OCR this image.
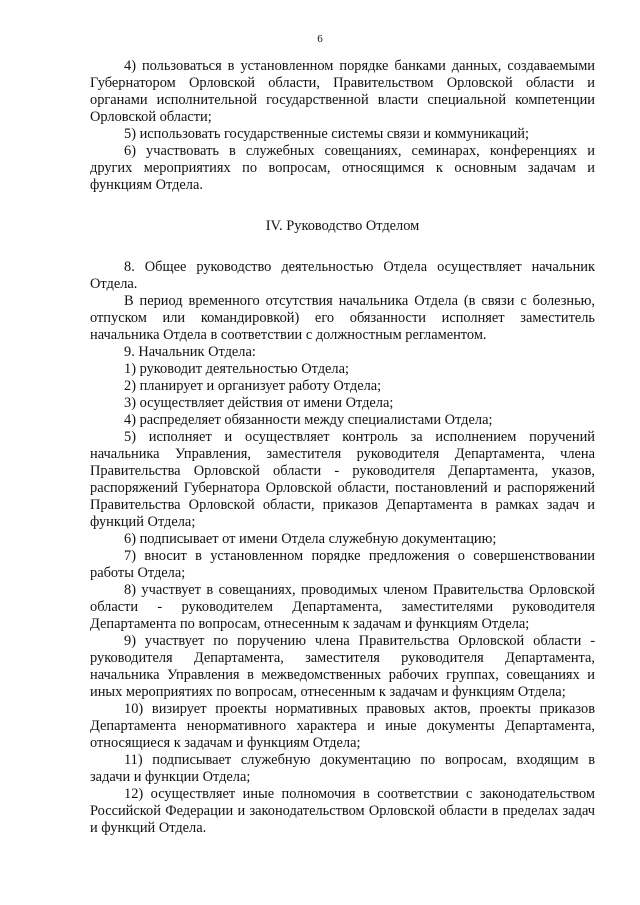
6

4) пользоваться в установленном порядке банками данных, создаваемыми Губернатором Орловской области, Правительством Орловской области и органами исполнительной государственной власти специальной компетенции Орловской области;

5) использовать государственные системы связи и коммуникаций;

6) участвовать в служебных совещаниях, семинарах, конференциях и других мероприятиях по вопросам, относящимся к основным задачам и функциям Отдела.

IV. Руководство Отделом

8. Общее руководство деятельностью Отдела осуществляет начальник Отдела.

В период временного отсутствия начальника Отдела (в связи с болезнью, отпуском или командировкой) его обязанности исполняет заместитель начальника Отдела в соответствии с должностным регламентом.

9. Начальник Отдела:

1) руководит деятельностью Отдела;

2) планирует и организует работу Отдела;

3) осуществляет действия от имени Отдела;

4) распределяет обязанности между специалистами Отдела;

5) исполняет и осуществляет контроль за исполнением поручений начальника Управления, заместителя руководителя Департамента, члена Правительства Орловской области - руководителя Департамента, указов, распоряжений Губернатора Орловской области, постановлений и распоряжений Правительства Орловской области, приказов Департамента в рамках задач и функций Отдела;

6) подписывает от имени Отдела служебную документацию;

7) вносит в установленном порядке предложения о совершенствовании работы Отдела;

8) участвует в совещаниях, проводимых членом Правительства Орловской области - руководителем Департамента, заместителями руководителя Департамента по вопросам, отнесенным к задачам и функциям Отдела;

9) участвует по поручению члена Правительства Орловской области - руководителя Департамента, заместителя руководителя Департамента, начальника Управления в межведомственных рабочих группах, совещаниях и иных мероприятиях по вопросам, отнесенным к задачам и функциям Отдела;

10) визирует проекты нормативных правовых актов, проекты приказов Департамента ненормативного характера и иные документы Департамента, относящиеся к задачам и функциям Отдела;

11) подписывает служебную документацию по вопросам, входящим в задачи и функции Отдела;

12) осуществляет иные полномочия в соответствии с законодательством Российской Федерации и законодательством Орловской области в пределах задач и функций Отдела.
